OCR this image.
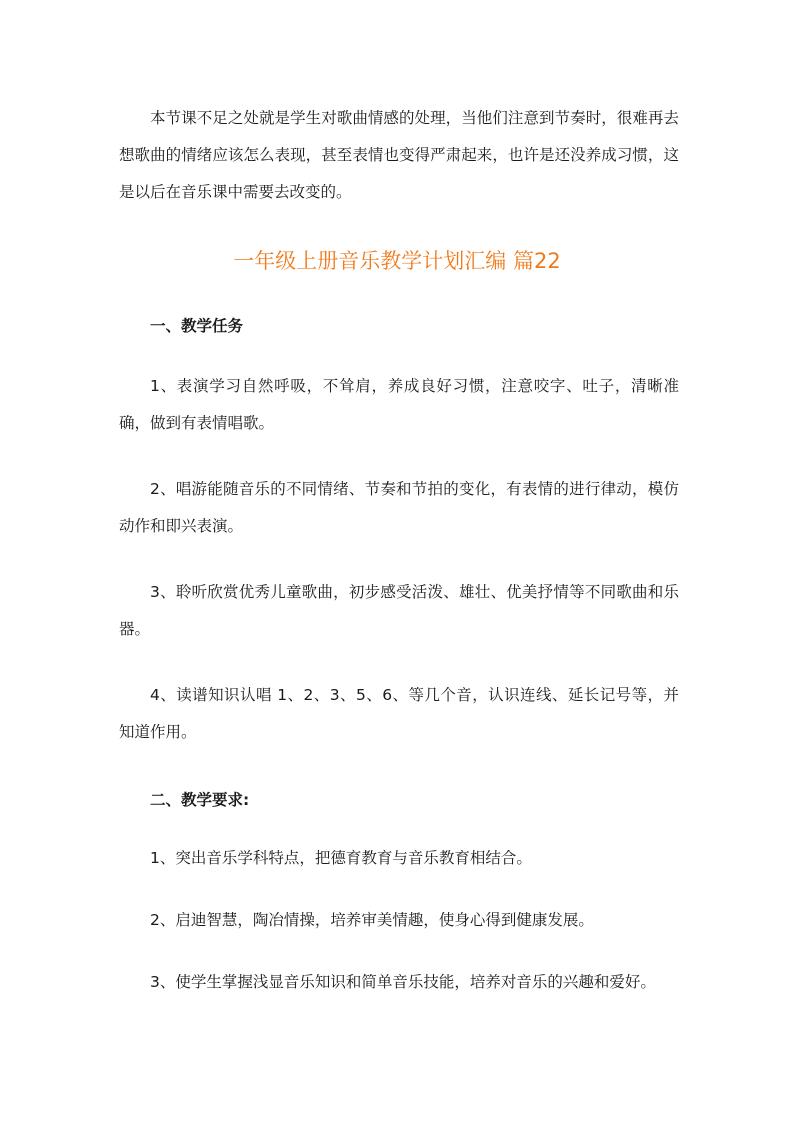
本节课不足之处就是学生对歌曲情感的处理，当他们注意到节奏时，很难再去想歌曲的情绪应该怎么表现，甚至表情也变得严肃起来，也许是还没养成习惯，这是以后在音乐课中需要去改变的。

一年级上册音乐教学计划汇编 篇22
一、教学任务

1、表演学习自然呼吸，不耸肩，养成良好习惯，注意咬字、吐子，清晰准确，做到有表情唱歌。

2、唱游能随音乐的不同情绪、节奏和节拍的变化，有表情的进行律动，模仿动作和即兴表演。

3、聆听欣赏优秀儿童歌曲，初步感受活泼、雄壮、优美抒情等不同歌曲和乐器。

4、读谱知识认唱 1、2、3、5、6、等几个音，认识连线、延长记号等，并知道作用。

二、教学要求:

1、突出音乐学科特点，把德育教育与音乐教育相结合。

2、启迪智慧，陶冶情操，培养审美情趣，使身心得到健康发展。

3、使学生掌握浅显音乐知识和简单音乐技能，培养对音乐的兴趣和爱好。
